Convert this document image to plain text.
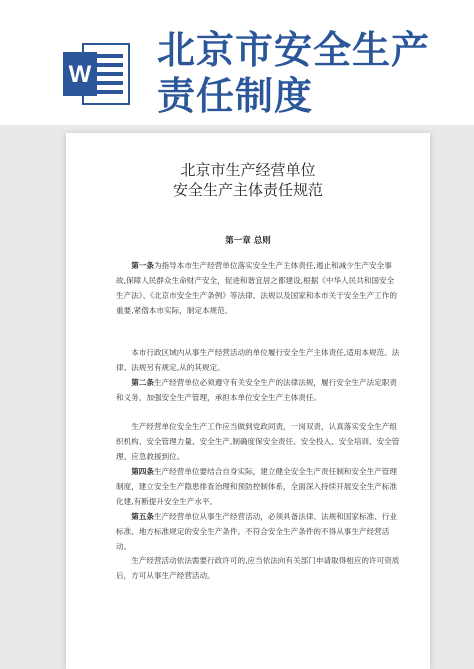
W
北京市安全生产责任制度
北京市生产经营单位
安全生产主体责任规范
第一章 总则
第一条为指导本市生产经营单位落实安全生产主体责任,遏止和减少生产安全事故,保障人民群众生命财产安全，促进和谐宜居之都建设,根据《中华人民共和国安全生产法》、《北京市安全生产条例》等法律、法规以及国家和本市关于安全生产工作的重要,紧偺本市实际，制定本规范。
本市行政区域内从事生产经营活动的单位履行安全生产主体责任,适用本规范。法律、法规另有规定,从的其规定。
第二条生产经营单位必须遵守有关安全生产的法律法规，履行安全生产法定职责和义务，加强安全生产管理，承担本单位安全生产主体责任。
生产经营单位安全生产工作应当做到党政同责，一岗双责，认真落实安全生产组织机构、安全管理力量、安全生产,制确度保安全责任、安全投入、安全培训、安全管理、应急救援到位。
第四条生产经营单位要结合自身实际，建立健全安全生产责任制和安全生产管理制度，建立安全生产隐患排查治理和预防控制体系，全面深入持续开展安全生产标准化建,有断提升安全生产水平。
第五条生产经营单位从事生产经营活动，必须具备法律、法规和国家标准、行业标准、地方标准规定的安全生产条件。不符合安全生产条件的不得从事生产经营活动。
生产经营活动依法需要行政许可的,应当依法向有关部门申请取得相应的许可资质后，方可从事生产经营活动。
